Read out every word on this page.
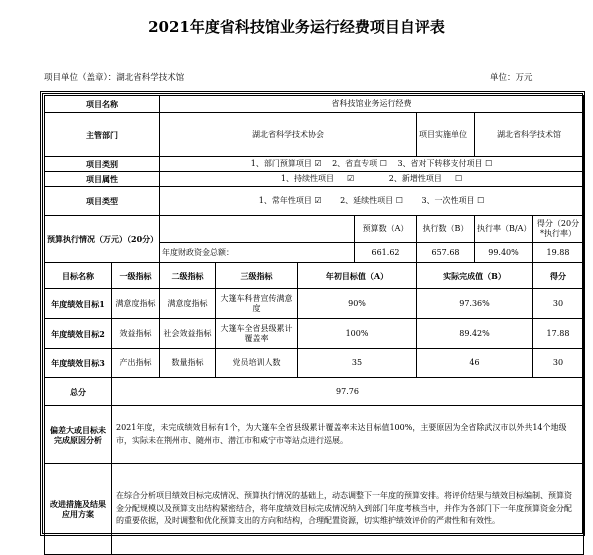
2021年度省科技馆业务运行经费项目自评表
项目单位（盖章）：湖北省科学技术馆	单位：万元
项目名称		省科技馆业务运行经费						
主管部门		湖北省科学技术协会				项目实施单位	湖北省科学技术馆	
项目类别		1、部门预算项目 ☑ 　2、省直专项 ☐ 　3、省对下转移支付项目 ☐						
项目属性		1、持续性项目 　 ☑ 　　　　2、新增性项目 　 ☐						
项目类型		1、常年性项目 ☑ 　　2、延续性项目 ☐ 　　3、一次性项目 ☐						
预算执行情况（万元）（20分）					预算数（A）	执行数（B）	执行率（B/A）	得分（20分*执行率）
		年度财政资金总额：			661.62	657.68	99.40%	19.88
目标名称	一级指标	二级指标	三级指标	年初目标值（A）		实际完成值（B）		得分
年度绩效目标1	满意度指标	满意度指标	大篷车科普宣传满意度	90%		97.36%		30
年度绩效目标2	效益指标	社会效益指标	大篷车全省县级累计覆盖率	100%		89.42%		17.88
年度绩效目标3	产出指标	数量指标	党员培训人数	35		46		30
总分	97.76							
偏差大或目标未完成原因分析	2021年度，未完成绩效目标有1个，为大篷车全省县级累计覆盖率未达目标值100%，主要原因为全省除武汉市以外共14个地级市，实际未在荆州市、随州市、潜江市和咸宁市等站点进行巡展。							
改进措施及结果应用方案	在综合分析项目绩效目标完成情况、预算执行情况的基础上，动态调整下一年度的预算安排。将评价结果与绩效目标编制、预算资金分配规模以及预算支出结构紧密结合，将年度绩效目标完成情况纳入到部门年度考核当中，并作为各部门下一年度预算资金分配的重要依据，及时调整和优化预算支出的方向和结构，合理配置资源，切实维护绩效评价的严肃性和有效性。							
